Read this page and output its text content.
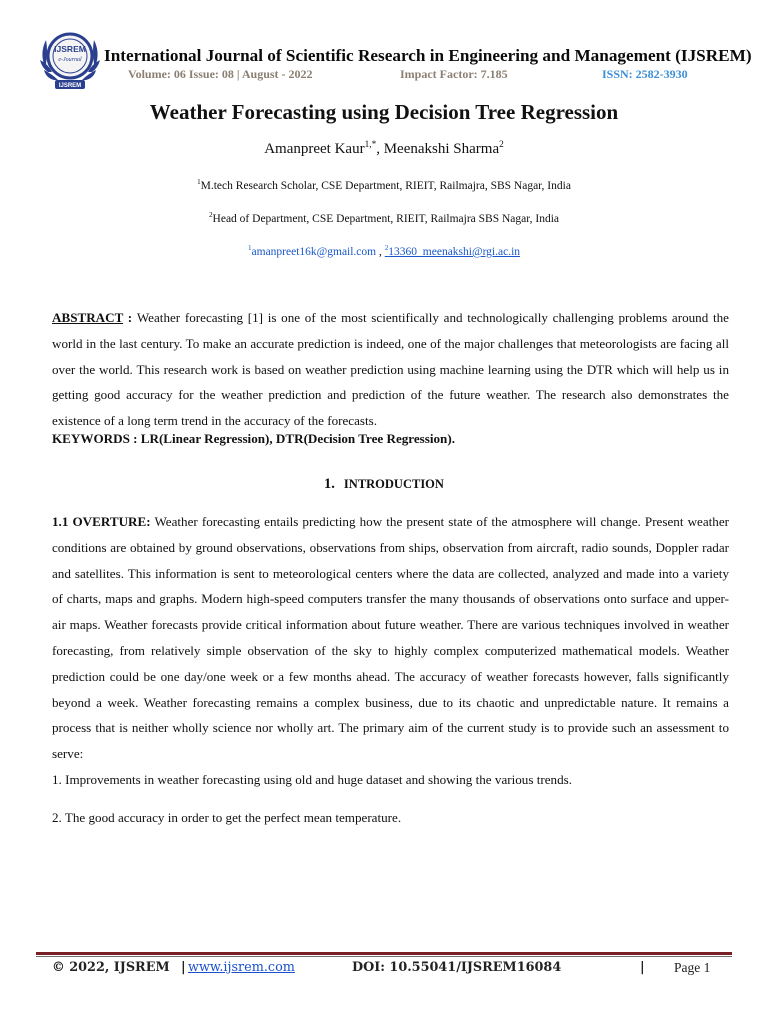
IJSREM
e-Journal
IJSREM
International Journal of Scientific Research in Engineering and Management (IJSREM)
Volume: 06 Issue: 08 | August - 2022	Impact Factor: 7.185	ISSN: 2582-3930
Weather Forecasting using Decision Tree Regression
Amanpreet Kaur$^{1,*}$, Meenakshi Sharma$^2$
$^1$M.tech Research Scholar, CSE Department, RIEIT, Railmajra, SBS Nagar, India
$^2$Head of Department, CSE Department, RIEIT, Railmajra SBS Nagar, India
$^1$amanpreet16k@gmail.com , $^2$13360_meenakshi@rgi.ac.in
ABSTRACT : Weather forecasting [1] is one of the most scientifically and technologically challenging problems around the world in the last century. To make an accurate prediction is indeed, one of the major challenges that meteorologists are facing all over the world. This research work is based on weather prediction using machine learning using the DTR which will help us in getting good accuracy for the weather prediction and prediction of the future weather. The research also demonstrates the existence of a long term trend in the accuracy of the forecasts.
KEYWORDS : LR(Linear Regression), DTR(Decision Tree Regression).
1. INTRODUCTION
1.1 OVERTURE: Weather forecasting entails predicting how the present state of the atmosphere will change. Present weather conditions are obtained by ground observations, observations from ships, observation from aircraft, radio sounds, Doppler radar and satellites. This information is sent to meteorological centers where the data are collected, analyzed and made into a variety of charts, maps and graphs. Modern high-speed computers transfer the many thousands of observations onto surface and upper-air maps. Weather forecasts provide critical information about future weather. There are various techniques involved in weather forecasting, from relatively simple observation of the sky to highly complex computerized mathematical models. Weather prediction could be one day/one week or a few months ahead. The accuracy of weather forecasts however, falls significantly beyond a week. Weather forecasting remains a complex business, due to its chaotic and unpredictable nature. It remains a process that is neither wholly science nor wholly art. The primary aim of the current study is to provide such an assessment to serve:
1. Improvements in weather forecasting using old and huge dataset and showing the various trends.
2. The good accuracy in order to get the perfect mean temperature.
© 2022, IJSREM | www.ijsrem.com	DOI: 10.55041/IJSREM16084	| Page 1
